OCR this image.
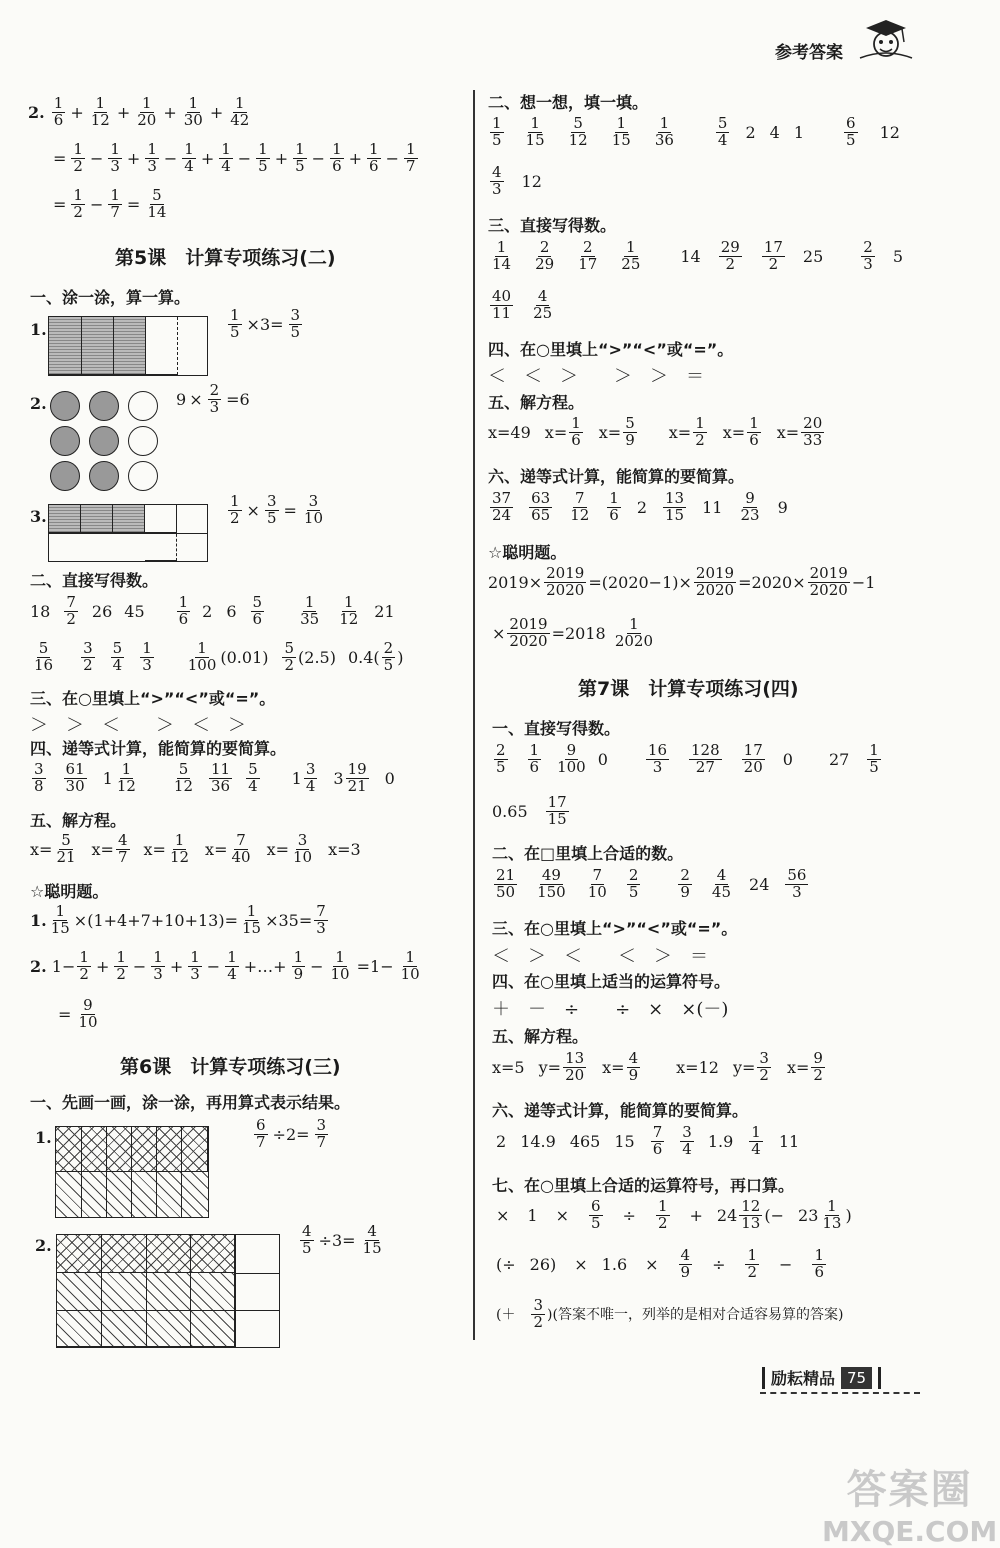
参考答案
2.
$\frac{1}{6} + \frac{1}{12} + \frac{1}{20} + \frac{1}{30} + \frac{1}{42}$
= $\frac{1}{2} - \frac{1}{3} + \frac{1}{3} - \frac{1}{4} + \frac{1}{4} - \frac{1}{5} + \frac{1}{5} - \frac{1}{6} + \frac{1}{6} - \frac{1}{7}$
= $\frac{1}{2} - \frac{1}{7} = \frac{5}{14}$
第5课　计算专项练习(二)
一、涂一涂，算一算。
1.	$\frac{1}{5} \times 3= \frac{3}{5}$
2.	$9 \times \frac{2}{3} =6$
3.	$\frac{1}{2} \times \frac{3}{5} = \frac{3}{10}$
二、直接写得数。
$18 \frac{7}{2} 26$ $45 \frac{1}{6} 2$ $6 \frac{5}{6} \frac{1}{35} \frac{1}{12} 21$
$\frac{5}{16} \frac{3}{2} \frac{5}{4} \frac{1}{3} \frac{1}{100} (0.01) \frac{5}{2} (2.5)$ 0.4 ( $\frac{2}{5}$ )
三、在○里填上“>”“<”或“=”。
＞　＞　＜　　＞　＜　＞
四、递等式计算，能简算的要简算。
$\frac{3}{8} \frac{61}{30} 1 \frac{1}{12} \frac{5}{12} \frac{11}{36} \frac{5}{4} 1 \frac{3}{4} 3 \frac{19}{21} 0$
五、解方程。
$x= \frac{5}{21} x= \frac{4}{7} x= \frac{1}{12} x= \frac{7}{40} x= \frac{3}{10} x=3$
☆聪明题。
1. $\frac{1}{15} \times(1+4+7+10+13)= \frac{1}{15} \times 35= \frac{7}{3}$
2.
$1- \frac{1}{2} + \frac{1}{2} - \frac{1}{3} + \frac{1}{3} - \frac{1}{4}$ +…+ $\frac{1}{9} - \frac{1}{10} =1- \frac{1}{10}$
= $\frac{9}{10}$
第6课　计算专项练习(三)
一、先画一画，涂一涂，再用算式表示结果。
1.	$\frac{6}{7} \div 2= \frac{3}{7}$
2.	$\frac{4}{5} \div 3= \frac{4}{15}$
二、想一想，填一填。
$\frac{1}{5} \frac{1}{15} \frac{5}{12} \frac{1}{15} \frac{1}{36}$	$\frac{5}{4} 2$ 4 1	$\frac{6}{5} 12$
$\frac{4}{3} 12$
三、直接写得数。
$\frac{1}{14} \frac{2}{29} \frac{2}{17} \frac{1}{25} 14 \frac{29}{2} \frac{17}{2} 25$	$\frac{2}{3} 5$
$\frac{40}{11} \frac{4}{25}$
四、在○里填上“>”“<”或“=”。
＜　＜　＞　　＞　＞　＝
五、解方程。
x=49 $x= \frac{1}{6} x= \frac{5}{9} x= \frac{1}{2} x= \frac{1}{6} x= \frac{20}{33}$
六、递等式计算，能简算的要简算。
$\frac{37}{24} \frac{63}{65} \frac{7}{12} \frac{1}{6} 2 \frac{13}{15} 11 \frac{9}{23} 9$
☆聪明题。
$2019\times \frac{2019}{2020} =(2020-1)\times \frac{2019}{2020} =2020\times \frac{2019}{2020} -1$
× $\frac{2019}{2020} =2018$
$\frac{1}{2020}$
第7课　计算专项练习(四)
一、直接写得数。
$\frac{2}{5} \frac{1}{6} \frac{9}{100} 0$	$\frac{16}{3} \frac{128}{27} \frac{17}{20} 0$ $27 \frac{1}{5}$
$0.65 \frac{17}{15}$
二、在□里填上合适的数。
$\frac{21}{50} \frac{49}{150} \frac{7}{10} \frac{2}{5}$	$\frac{2}{9} \frac{4}{45} 24 \frac{56}{3}$
三、在○里填上“>”“<”或“=”。
＜　＞　＜　　＜　＞　＝
四、在○里填上适当的运算符号。
＋　－　÷　　÷　×　×(－)
五、解方程。
x=5 $y= \frac{13}{20} x= \frac{4}{9} x=12$ $y= \frac{3}{2} x= \frac{9}{2}$
六、递等式计算，能简算的要简算。
2 14.9 465 $15 \frac{7}{6} \frac{3}{4} 1.9 \frac{1}{4} 11$
七、在○里填上合适的运算符号，再口算。
× $1 \times \frac{6}{5} \div \frac{1}{2} + 24 \frac{12}{13}$ (− $23 \frac{1}{13}$ )
(÷ $26) \times 1.6 \times \frac{4}{9} \div \frac{1}{2} - \frac{1}{6}$
(＋ $\frac{3}{2}$ )(答案不唯一，列举的是相对合适容易算的答案)
励耘精品 75
答案圈
MXQE.COM
